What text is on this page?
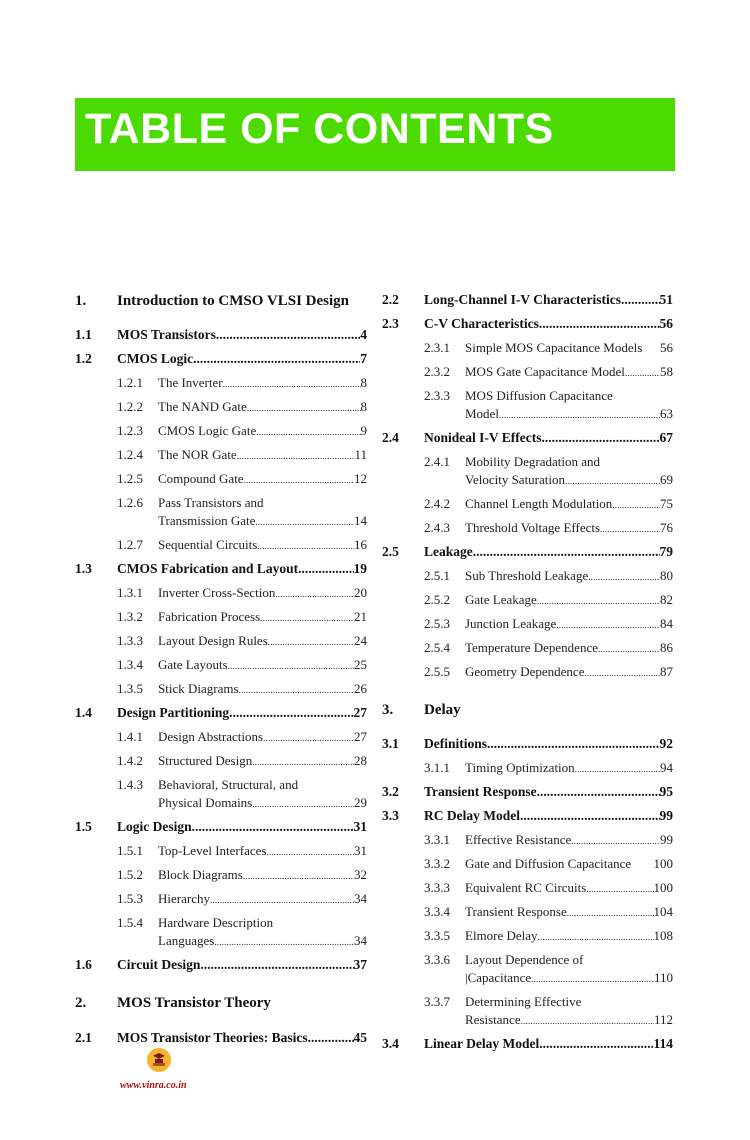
TABLE OF CONTENTS
1. Introduction to CMSO VLSI Design
1.1 MOS Transistors .....	4
1.2 CMOS Logic .....	7
1.2.1 The Inverter .....	8
1.2.2 The NAND Gate .....	8
1.2.3 CMOS Logic Gate .....	9
1.2.4 The NOR Gate .....	11
1.2.5 Compound Gate .....	12
1.2.6 Pass Transistors and
Transmission Gate .....	14
1.2.7 Sequential Circuits .....	16
1.3 CMOS Fabrication and Layout .....	19
1.3.1 Inverter Cross-Section .....	20
1.3.2 Fabrication Process .....	21
1.3.3 Layout Design Rules .....	24
1.3.4 Gate Layouts .....	25
1.3.5 Stick Diagrams .....	26
1.4 Design Partitioning .....	27
1.4.1 Design Abstractions .....	27
1.4.2 Structured Design .....	28
1.4.3 Behavioral, Structural, and
Physical Domains .....	29
1.5 Logic Design .....	31
1.5.1 Top-Level Interfaces .....	31
1.5.2 Block Diagrams .....	32
1.5.3 Hierarchy .....	34
1.5.4 Hardware Description
Languages .....	34
1.6 Circuit Design .....	37
2. MOS Transistor Theory
2.1 MOS Transistor Theories: Basics .....	45
2.2 Long-Channel I-V Characteristics .....	51
2.3 C-V Characteristics .....	56
2.3.1 Simple MOS Capacitance Models 56
2.3.2 MOS Gate Capacitance Model .....	58
2.3.3 MOS Diffusion Capacitance
Model .....	63
2.4 Nonideal I-V Effects .....	67
2.4.1 Mobility Degradation and
Velocity Saturation .....	69
2.4.2 Channel Length Modulation .....	75
2.4.3 Threshold Voltage Effects .....	76
2.5 Leakage .....	79
2.5.1 Sub Threshold Leakage .....	80
2.5.2 Gate Leakage .....	82
2.5.3 Junction Leakage .....	84
2.5.4 Temperature Dependence .....	86
2.5.5 Geometry Dependence .....	87
3. Delay
3.1 Definitions .....	92
3.1.1 Timing Optimization .....	94
3.2 Transient Response .....	95
3.3 RC Delay Model .....	99
3.3.1 Effective Resistance .....	99
3.3.2 Gate and Diffusion Capacitance 100
3.3.3 Equivalent RC Circuits .....	100
3.3.4 Transient Response .....	104
3.3.5 Elmore Delay .....	108
3.3.6 Layout Dependence of
|Capacitance .....	110
3.3.7 Determining Effective
Resistance .....	112
3.4 Linear Delay Model .....	114
www.vinra.co.in
